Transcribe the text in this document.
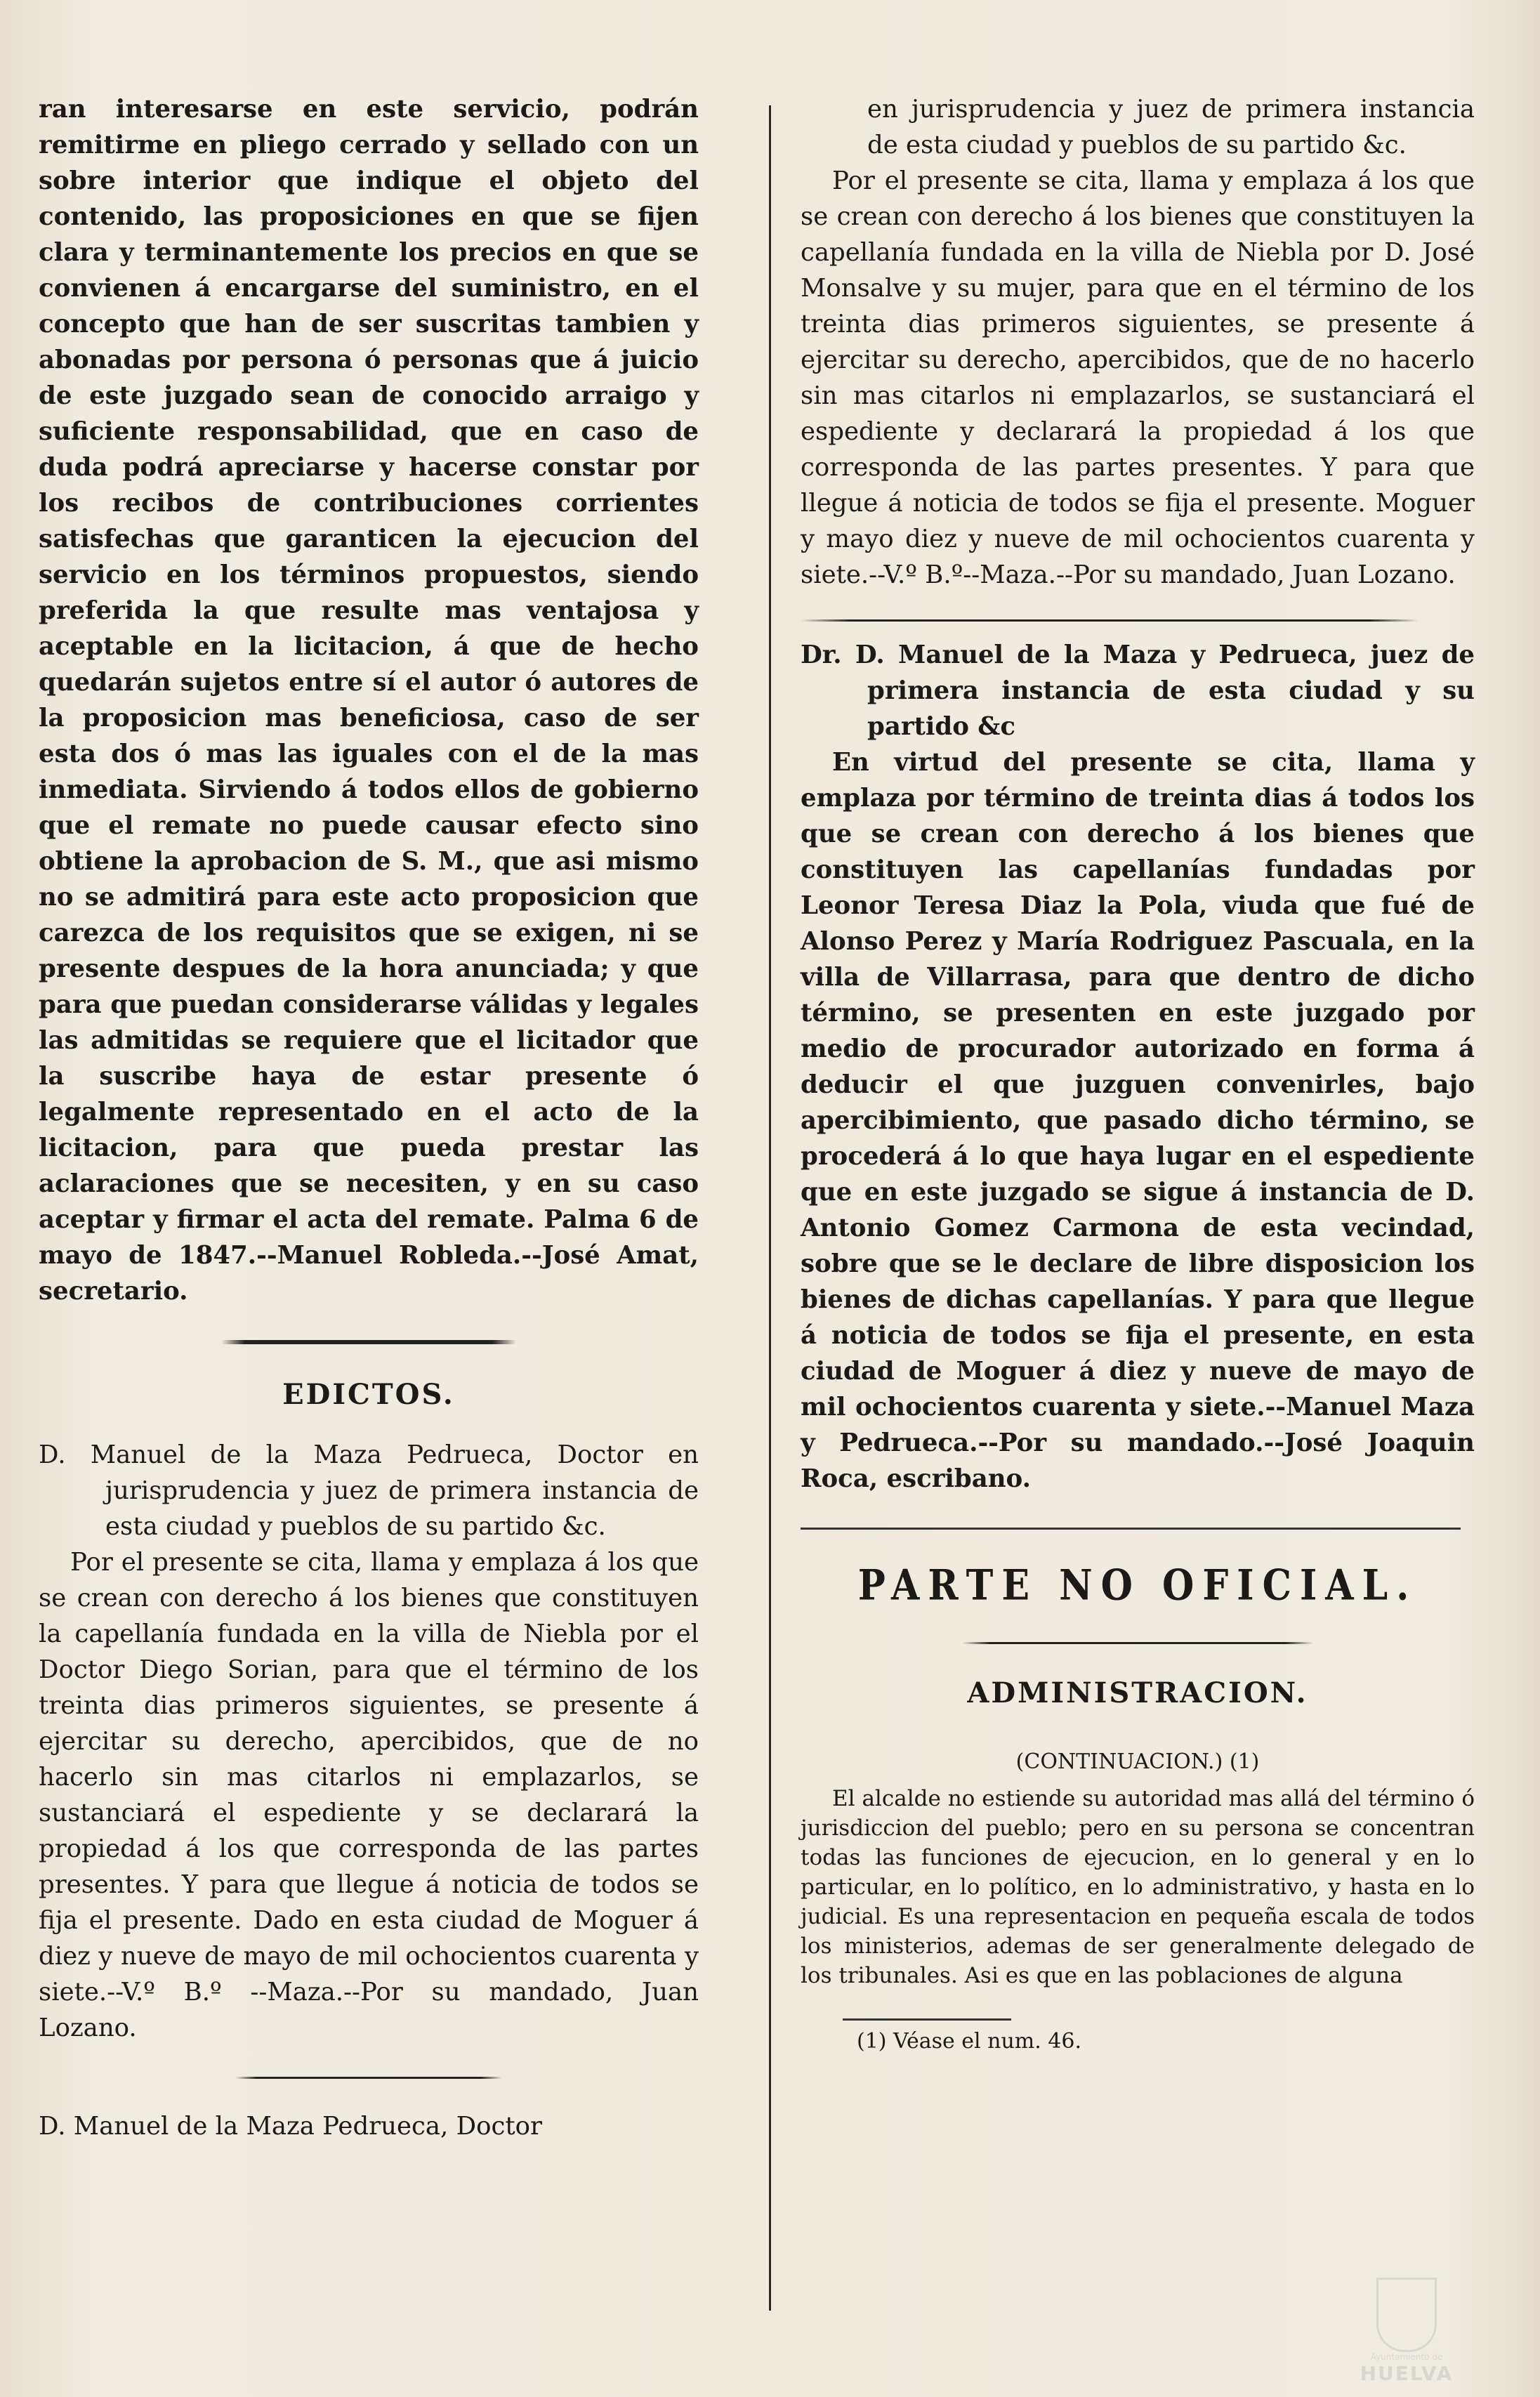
ran interesarse en este servicio, podrán remitirme en pliego cerrado y sellado con un sobre interior que indique el objeto del contenido, las proposiciones en que se fijen clara y terminantemente los precios en que se convienen á encargarse del suministro, en el concepto que han de ser suscritas tambien y abonadas por persona ó personas que á juicio de este juzgado sean de conocido arraigo y suficiente responsabilidad, que en caso de duda podrá apreciarse y hacerse constar por los recibos de contribuciones corrientes satisfechas que garanticen la ejecucion del servicio en los términos propuestos, siendo preferida la que resulte mas ventajosa y aceptable en la licitacion, á que de hecho quedarán sujetos entre sí el autor ó autores de la proposicion mas beneficiosa, caso de ser esta dos ó mas las iguales con el de la mas inmediata. Sirviendo á todos ellos de gobierno que el remate no puede causar efecto sino obtiene la aprobacion de S. M., que asi mismo no se admitirá para este acto proposicion que carezca de los requisitos que se exigen, ni se presente despues de la hora anunciada; y que para que puedan considerarse válidas y legales las admitidas se requiere que el licitador que la suscribe haya de estar presente ó legalmente representado en el acto de la licitacion, para que pueda prestar las aclaraciones que se necesiten, y en su caso aceptar y firmar el acta del remate. Palma 6 de mayo de 1847.--Manuel Robleda.--José Amat, secretario.

EDICTOS.

D. Manuel de la Maza Pedrueca, Doctor en jurisprudencia y juez de primera instancia de esta ciudad y pueblos de su partido &c.

Por el presente se cita, llama y emplaza á los que se crean con derecho á los bienes que constituyen la capellanía fundada en la villa de Niebla por el Doctor Diego Sorian, para que el término de los treinta dias primeros siguientes, se presente á ejercitar su derecho, apercibidos, que de no hacerlo sin mas citarlos ni emplazarlos, se sustanciará el espediente y se declarará la propiedad á los que corresponda de las partes presentes. Y para que llegue á noticia de todos se fija el presente. Dado en esta ciudad de Moguer á diez y nueve de mayo de mil ochocientos cuarenta y siete.--V.º B.º --Maza.--Por su mandado, Juan Lozano.

D. Manuel de la Maza Pedrueca, Doctor

en jurisprudencia y juez de primera instancia de esta ciudad y pueblos de su partido &c.

Por el presente se cita, llama y emplaza á los que se crean con derecho á los bienes que constituyen la capellanía fundada en la villa de Niebla por D. José Monsalve y su mujer, para que en el término de los treinta dias primeros siguientes, se presente á ejercitar su derecho, apercibidos, que de no hacerlo sin mas citarlos ni emplazarlos, se sustanciará el espediente y declarará la propiedad á los que corresponda de las partes presentes. Y para que llegue á noticia de todos se fija el presente. Moguer y mayo diez y nueve de mil ochocientos cuarenta y siete.--V.º B.º--Maza.--Por su mandado, Juan Lozano.

Dr. D. Manuel de la Maza y Pedrueca, juez de primera instancia de esta ciudad y su partido &c

En virtud del presente se cita, llama y emplaza por término de treinta dias á todos los que se crean con derecho á los bienes que constituyen las capellanías fundadas por Leonor Teresa Diaz la Pola, viuda que fué de Alonso Perez y María Rodriguez Pascuala, en la villa de Villarrasa, para que dentro de dicho término, se presenten en este juzgado por medio de procurador autorizado en forma á deducir el que juzguen convenirles, bajo apercibimiento, que pasado dicho término, se procederá á lo que haya lugar en el espediente que en este juzgado se sigue á instancia de D. Antonio Gomez Carmona de esta vecindad, sobre que se le declare de libre disposicion los bienes de dichas capellanías. Y para que llegue á noticia de todos se fija el presente, en esta ciudad de Moguer á diez y nueve de mayo de mil ochocientos cuarenta y siete.--Manuel Maza y Pedrueca.--Por su mandado.--José Joaquin Roca, escribano.

PARTE NO OFICIAL.
ADMINISTRACION.
(CONTINUACION.) (1)

El alcalde no estiende su autoridad mas allá del término ó jurisdiccion del pueblo; pero en su persona se concentran todas las funciones de ejecucion, en lo general y en lo particular, en lo político, en lo administrativo, y hasta en lo judicial. Es una representacion en pequeña escala de todos los ministerios, ademas de ser generalmente delegado de los tribunales. Asi es que en las poblaciones de alguna

(1) Véase el num. 46.
Ayuntamiento de
HUELVA
